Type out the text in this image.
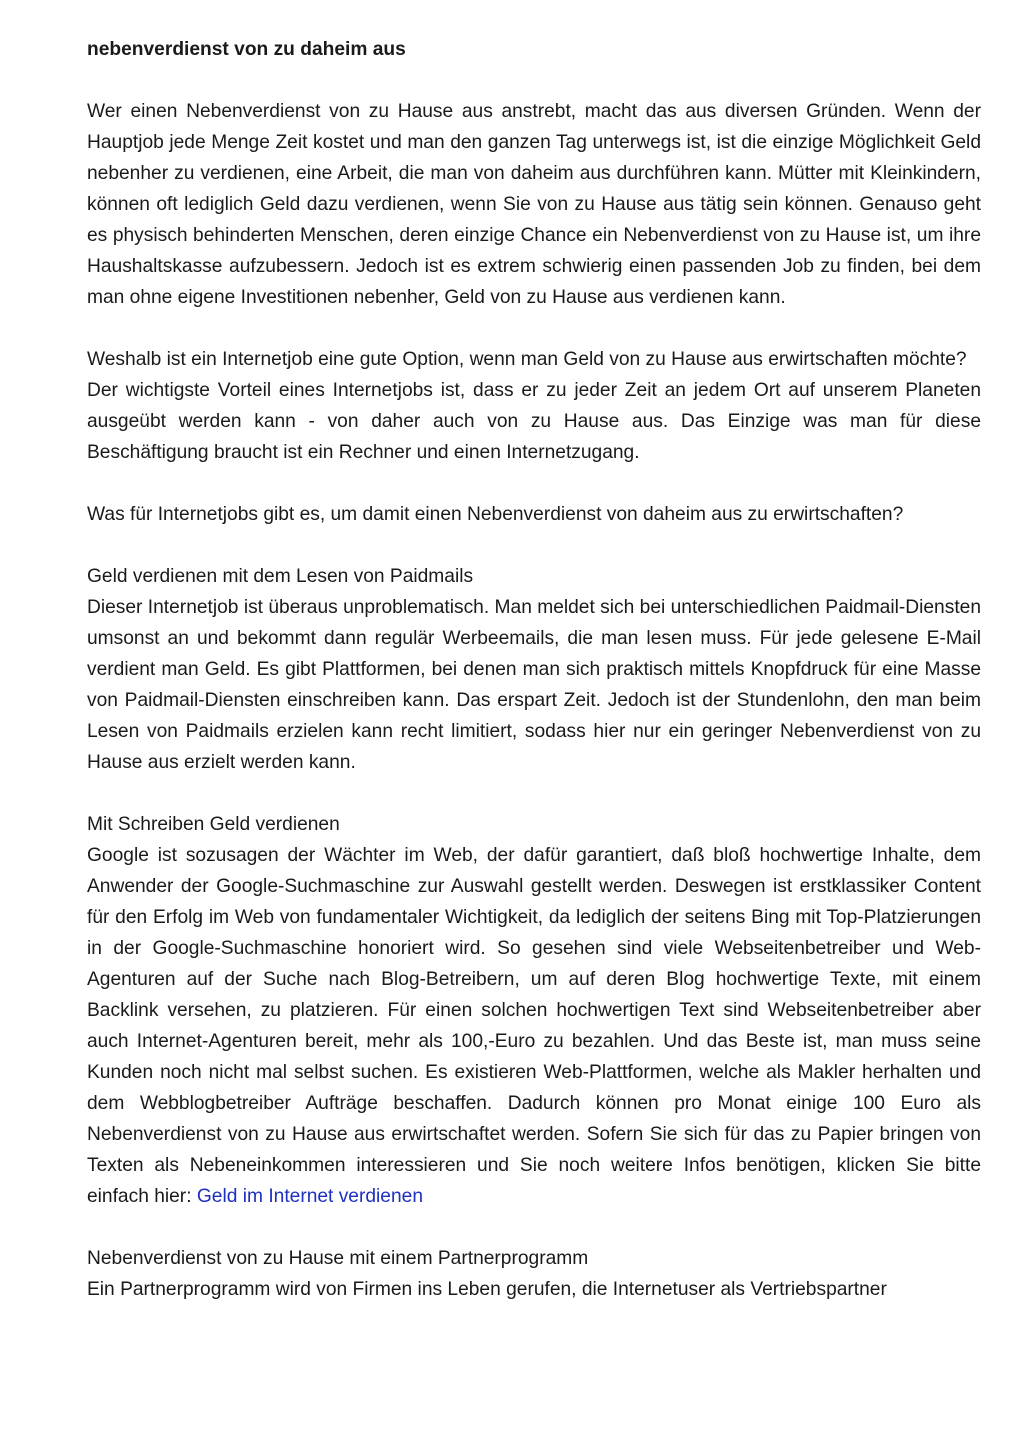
nebenverdienst von zu daheim aus

Wer einen Nebenverdienst von zu Hause aus anstrebt, macht das aus diversen Gründen. Wenn der Hauptjob jede Menge Zeit kostet und man den ganzen Tag unterwegs ist, ist die einzige Möglichkeit Geld nebenher zu verdienen, eine Arbeit, die man von daheim aus durchführen kann. Mütter mit Kleinkindern, können oft lediglich Geld dazu verdienen, wenn Sie von zu Hause aus tätig sein können. Genauso geht es physisch behinderten Menschen, deren einzige Chance ein Nebenverdienst von zu Hause ist, um ihre Haushaltskasse aufzubessern. Jedoch ist es extrem schwierig einen passenden Job zu finden, bei dem man ohne eigene Investitionen nebenher, Geld von zu Hause aus verdienen kann.

Weshalb ist ein Internetjob eine gute Option, wenn man Geld von zu Hause aus erwirtschaften möchte?

Der wichtigste Vorteil eines Internetjobs ist, dass er zu jeder Zeit an jedem Ort auf unserem Planeten ausgeübt werden kann - von daher auch von zu Hause aus. Das Einzige was man für diese Beschäftigung braucht ist ein Rechner und einen Internetzugang.

Was für Internetjobs gibt es, um damit einen Nebenverdienst von daheim aus zu erwirtschaften?

Geld verdienen mit dem Lesen von Paidmails

Dieser Internetjob ist überaus unproblematisch. Man meldet sich bei unterschiedlichen Paidmail-Diensten umsonst an und bekommt dann regulär Werbeemails, die man lesen muss. Für jede gelesene E-Mail verdient man Geld. Es gibt Plattformen, bei denen man sich praktisch mittels Knopfdruck für eine Masse von Paidmail-Diensten einschreiben kann. Das erspart Zeit. Jedoch ist der Stundenlohn, den man beim Lesen von Paidmails erzielen kann recht limitiert, sodass hier nur ein geringer Nebenverdienst von zu Hause aus erzielt werden kann.

Mit Schreiben Geld verdienen

Google ist sozusagen der Wächter im Web, der dafür garantiert, daß bloß hochwertige Inhalte, dem Anwender der Google-Suchmaschine zur Auswahl gestellt werden. Deswegen ist erstklassiker Content für den Erfolg im Web von fundamentaler Wichtigkeit, da lediglich der seitens Bing mit Top-Platzierungen in der Google-Suchmaschine honoriert wird. So gesehen sind viele Webseitenbetreiber und Web-Agenturen auf der Suche nach Blog-Betreibern, um auf deren Blog hochwertige Texte, mit einem Backlink versehen, zu platzieren. Für einen solchen hochwertigen Text sind Webseitenbetreiber aber auch Internet-Agenturen bereit, mehr als 100,-Euro zu bezahlen. Und das Beste ist, man muss seine Kunden noch nicht mal selbst suchen. Es existieren Web-Plattformen, welche als Makler herhalten und dem Webblogbetreiber Aufträge beschaffen. Dadurch können pro Monat einige 100 Euro als Nebenverdienst von zu Hause aus erwirtschaftet werden. Sofern Sie sich für das zu Papier bringen von Texten als Nebeneinkommen interessieren und Sie noch weitere Infos benötigen, klicken Sie bitte einfach hier: Geld im Internet verdienen

Nebenverdienst von zu Hause mit einem Partnerprogramm

Ein Partnerprogramm wird von Firmen ins Leben gerufen, die Internetuser als Vertriebspartner
